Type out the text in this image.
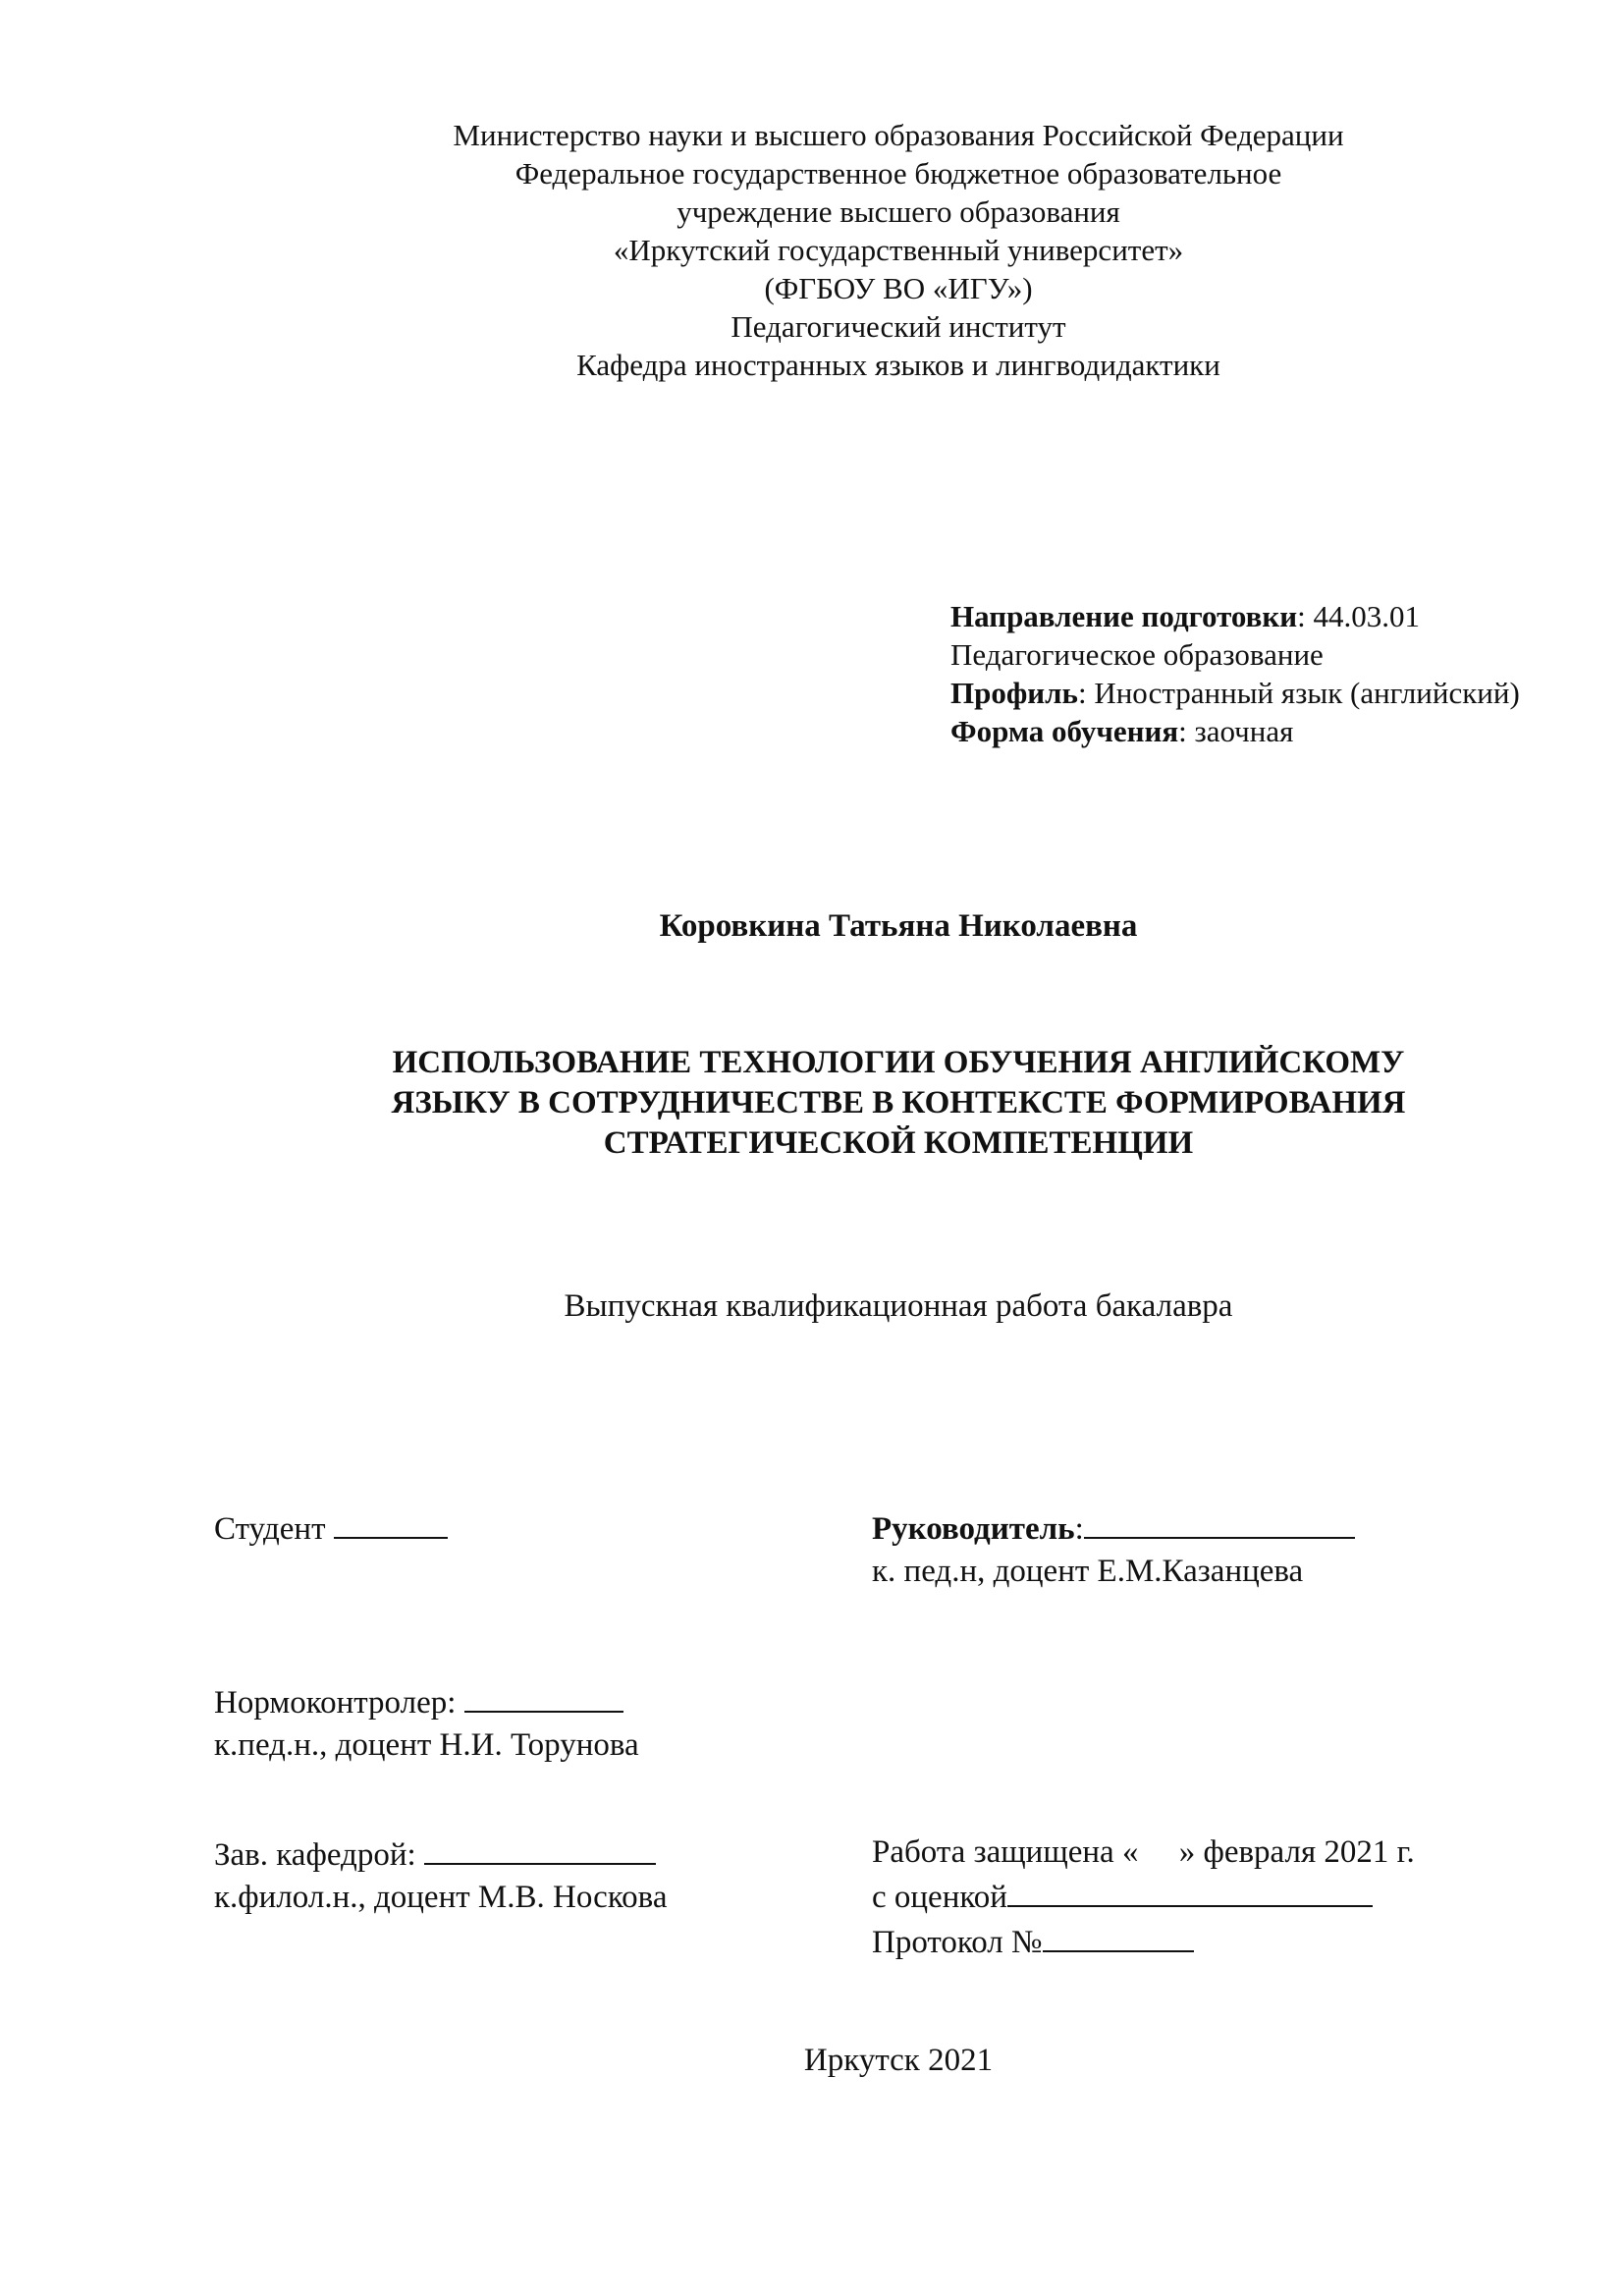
Министерство науки и высшего образования Российской Федерации
Федеральное государственное бюджетное образовательное
учреждение высшего образования
«Иркутский государственный университет»
(ФГБОУ ВО «ИГУ»)
Педагогический институт
Кафедра иностранных языков и лингводидактики
Направление подготовки: 44.03.01
Педагогическое образование
Профиль: Иностранный язык (английский)
Форма обучения: заочная
Коровкина Татьяна Николаевна
ИСПОЛЬЗОВАНИЕ ТЕХНОЛОГИИ ОБУЧЕНИЯ АНГЛИЙСКОМУ
ЯЗЫКУ В СОТРУДНИЧЕСТВЕ В КОНТЕКСТЕ ФОРМИРОВАНИЯ
СТРАТЕГИЧЕСКОЙ КОМПЕТЕНЦИИ
Выпускная квалификационная работа бакалавра
Студент	Руководитель:
к. пед.н, доцент Е.М.Казанцева
Нормоконтролер:
к.пед.н., доцент Н.И. Торунова
Зав. кафедрой:
к.филол.н., доцент М.В. Носкова
Работа защищена «     » февраля 2021 г.
с оценкой
Протокол №
Иркутск 2021
